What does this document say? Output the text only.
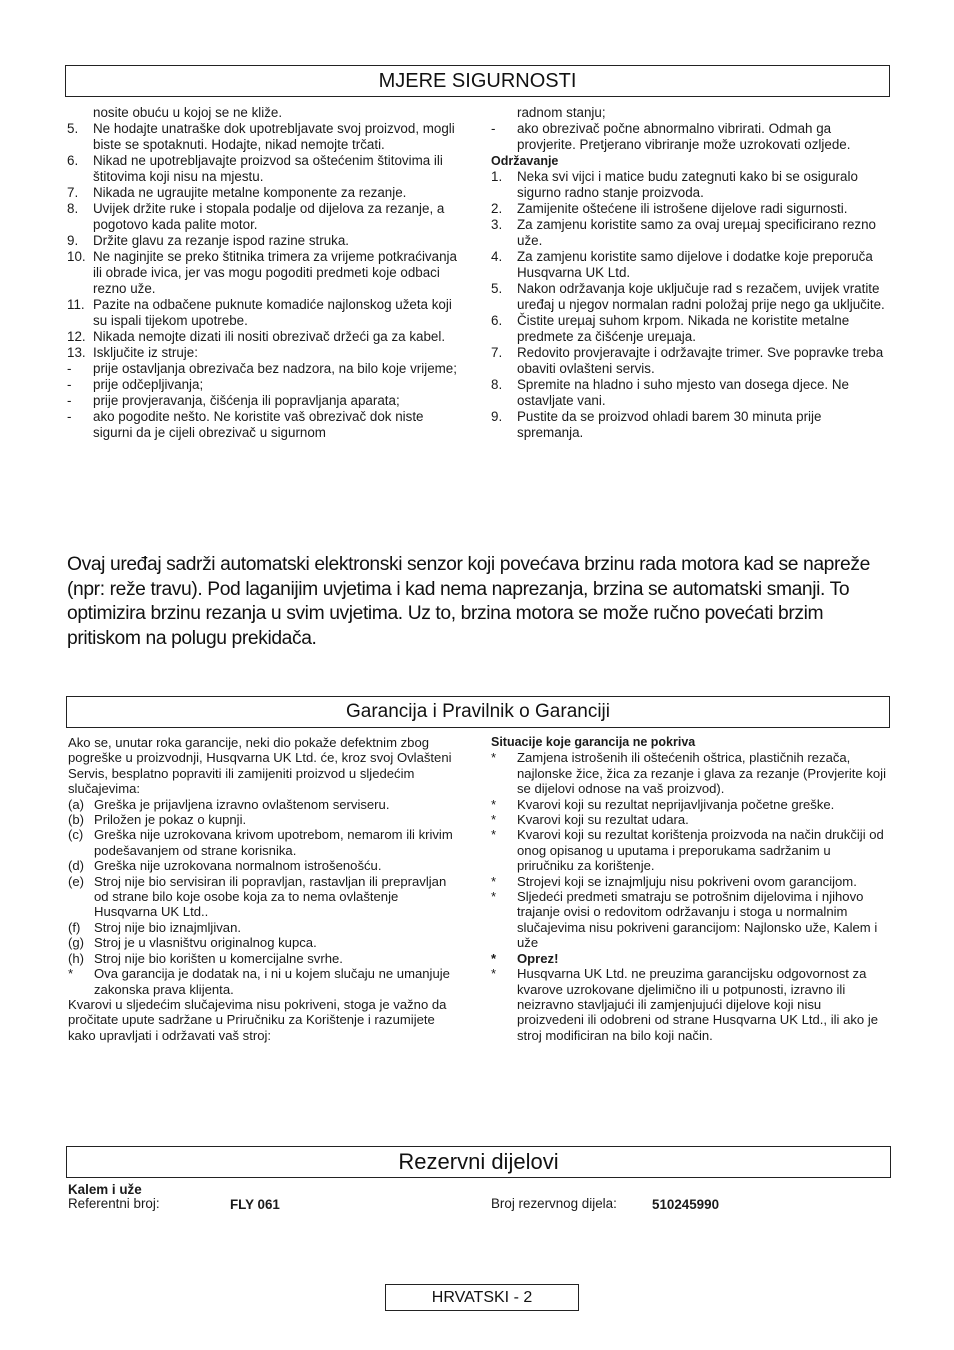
MJERE SIGURNOSTI
nosite obuću u kojoj se ne kliže.
5.	Ne hodajte unatraške dok upotrebljavate svoj proizvod, mogli biste se spotaknuti. Hodajte, nikad nemojte trčati.
6.	Nikad ne upotrebljavajte proizvod sa oštećenim štitovima ili štitovima koji nisu na mjestu.
7.	Nikada ne ugrauјite metalne komponente za rezanje.
8.	Uvijek držite ruke i stopala podalje od dijelova za rezanje, a pogotovo kada palite motor.
9.	Držite glavu za rezanje ispod razine struka.
10. Ne naginjite se preko štitnika trimera za vrijeme potkraćivanja ili obrade ivica, jer vas mogu pogoditi predmeti koje odbaci rezno uže.
11. Pazite na odbačene puknute komadiće najlonskog užeta koji su ispali tijekom upotrebe.
12. Nikada nemojte dizati ili nositi obrezivač držeći ga za kabel.
13. Isključite iz struje:
-	prije ostavljanja obrezivača bez nadzora, na bilo koje vrijeme;
-	prije odčepljivanja;
-	prije provjeravanja, čišćenja ili popravljanja aparata;
-	ako pogodite nešto. Ne koristite vaš obrezivač dok niste sigurni da je cijeli obrezivač u sigurnom
radnom stanju;
-	ako obrezivač počne abnormalno vibrirati. Odmah ga provjerite. Pretjerano vibriranje može uzrokovati ozljede.
Održavanje
1.	Neka svi vijci i matice budu zategnuti kako bi se osiguralo sigurno radno stanje proizvoda.
2.	Zamijenite oštećene ili istrošene dijelove radi sigurnosti.
3.	Za zamjenu koristite samo za ovaj ureµaj specificirano rezno uže.
4.	Za zamjenu koristite samo dijelove i dodatke koje preporuča Husqvarna UK Ltd.
5.	Nakon održavanja koje uključuje rad s rezačem, uvijek vratite uređaj u njegov normalan radni položaj prije nego ga uključite.
6.	Čistite ureµaj suhom krpom. Nikada ne koristite metalne predmete za čišćenje ureµaja.
7.	Redovito provjeravajte i održavajte trimer. Sve popravke treba obaviti ovlašteni servis.
8.	Spremite na hladno i suho mjesto van dosega djece. Ne ostavljate vani.
9.	Pustite da se proizvod ohladi barem 30 minuta prije spremanja.
Ovaj uređaj sadrži automatski elektronski senzor koji povećava brzinu rada motora kad se napreže (npr: reže travu). Pod laganijim uvjetima i kad nema naprezanja, brzina se automatski smanji. To optimizira brzinu rezanja u svim uvjetima. Uz to, brzina motora se može ručno povećati brzim pritiskom na polugu prekidača.
Garancija i Pravilnik o Garanciji
Ako se, unutar roka garancije, neki dio pokaže defektnim zbog pogreške u proizvodnji, Husqvarna UK Ltd. će, kroz svoj Ovlašteni Servis, besplatno popraviti ili zamijeniti proizvod u sljedećim slučajevima:
(a) Greška je prijavljena izravno ovlaštenom serviseru.
(b) Priložen je pokaz o kupnji.
(c) Greška nije uzrokovana krivom upotrebom, nemarom ili krivim podešavanjem od strane korisnika.
(d) Greška nije uzrokovana normalnom istrošenošću.
(e) Stroj nije bio servisiran ili popravljan, rastavljan ili prepravljan od strane bilo koje osobe koja za to nema ovlaštenje Husqvarna UK Ltd..
(f)	Stroj nije bio iznajmljivan.
(g) Stroj je u vlasništvu originalnog kupca.
(h) Stroj nije bio korišten u komercijalne svrhe.
*	Ova garancija je dodatak na, i ni u kojem slučaju ne umanjuje zakonska prava klijenta.
Kvarovi u sljedećim slučajevima nisu pokriveni, stoga je važno da pročitate upute sadržane u Priručniku za Korištenje i razumijete kako upravljati i održavati vaš stroj:
Situacije koje garancija ne pokriva
*	Zamjena istrošenih ili oštećenih oštrica, plastičnih rezača, najlonske žice, žica za rezanje i glava za rezanje (Provjerite koji se dijelovi odnose na vaš proizvod).
*	Kvarovi koji su rezultat neprijavljivanja početne greške.
*	Kvarovi koji su rezultat udara.
*	Kvarovi koji su rezultat korištenja proizvoda na način drukčiji od onog opisanog u uputama i preporukama sadržanim u priručniku za korištenje.
*	Strojevi koji se iznajmljuju nisu pokriveni ovom garancijom.
*	Sljedeći predmeti smatraju se potrošnim dijelovima i njihovo trajanje ovisi o redovitom održavanju i stoga u normalnim slučajevima nisu pokriveni garancijom: Najlonsko uže, Kalem i uže
*	Oprez!
*	Husqvarna UK Ltd. ne preuzima garancijsku odgovornost za kvarove uzrokovane djelimično ili u potpunosti, izravno ili neizravno stavljajući ili zamjenjujući dijelove koji nisu proizvedeni ili odobreni od strane Husqvarna UK Ltd., ili ako je stroj modificiran na bilo koji način.
Rezervni dijelovi
Kalem i uže
Referentni broj:	FLY 061	Broj rezervnog dijela:	510245990
HRVATSKI - 2
